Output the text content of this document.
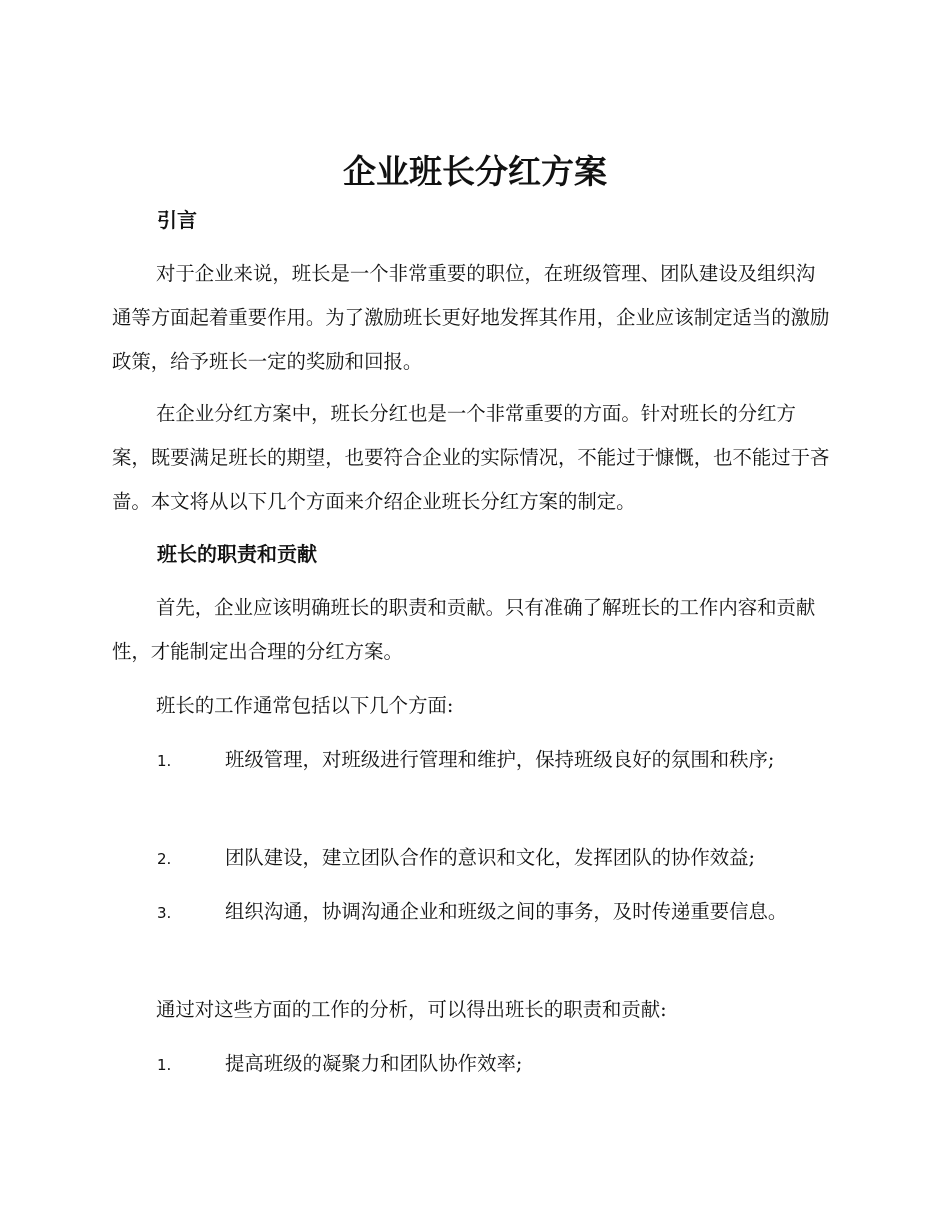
企业班长分红方案
引言

对于企业来说，班长是一个非常重要的职位，在班级管理、团队建设及组织沟通等方面起着重要作用。为了激励班长更好地发挥其作用，企业应该制定适当的激励政策，给予班长一定的奖励和回报。

在企业分红方案中，班长分红也是一个非常重要的方面。针对班长的分红方案，既要满足班长的期望，也要符合企业的实际情况，不能过于慷慨，也不能过于吝啬。本文将从以下几个方面来介绍企业班长分红方案的制定。

班长的职责和贡献

首先，企业应该明确班长的职责和贡献。只有准确了解班长的工作内容和贡献性，才能制定出合理的分红方案。

班长的工作通常包括以下几个方面:

1.	班级管理，对班级进行管理和维护，保持班级良好的氛围和秩序;

2.	团队建设，建立团队合作的意识和文化，发挥团队的协作效益;

3.	组织沟通，协调沟通企业和班级之间的事务，及时传递重要信息。

通过对这些方面的工作的分析，可以得出班长的职责和贡献:

1.	提高班级的凝聚力和团队协作效率;
